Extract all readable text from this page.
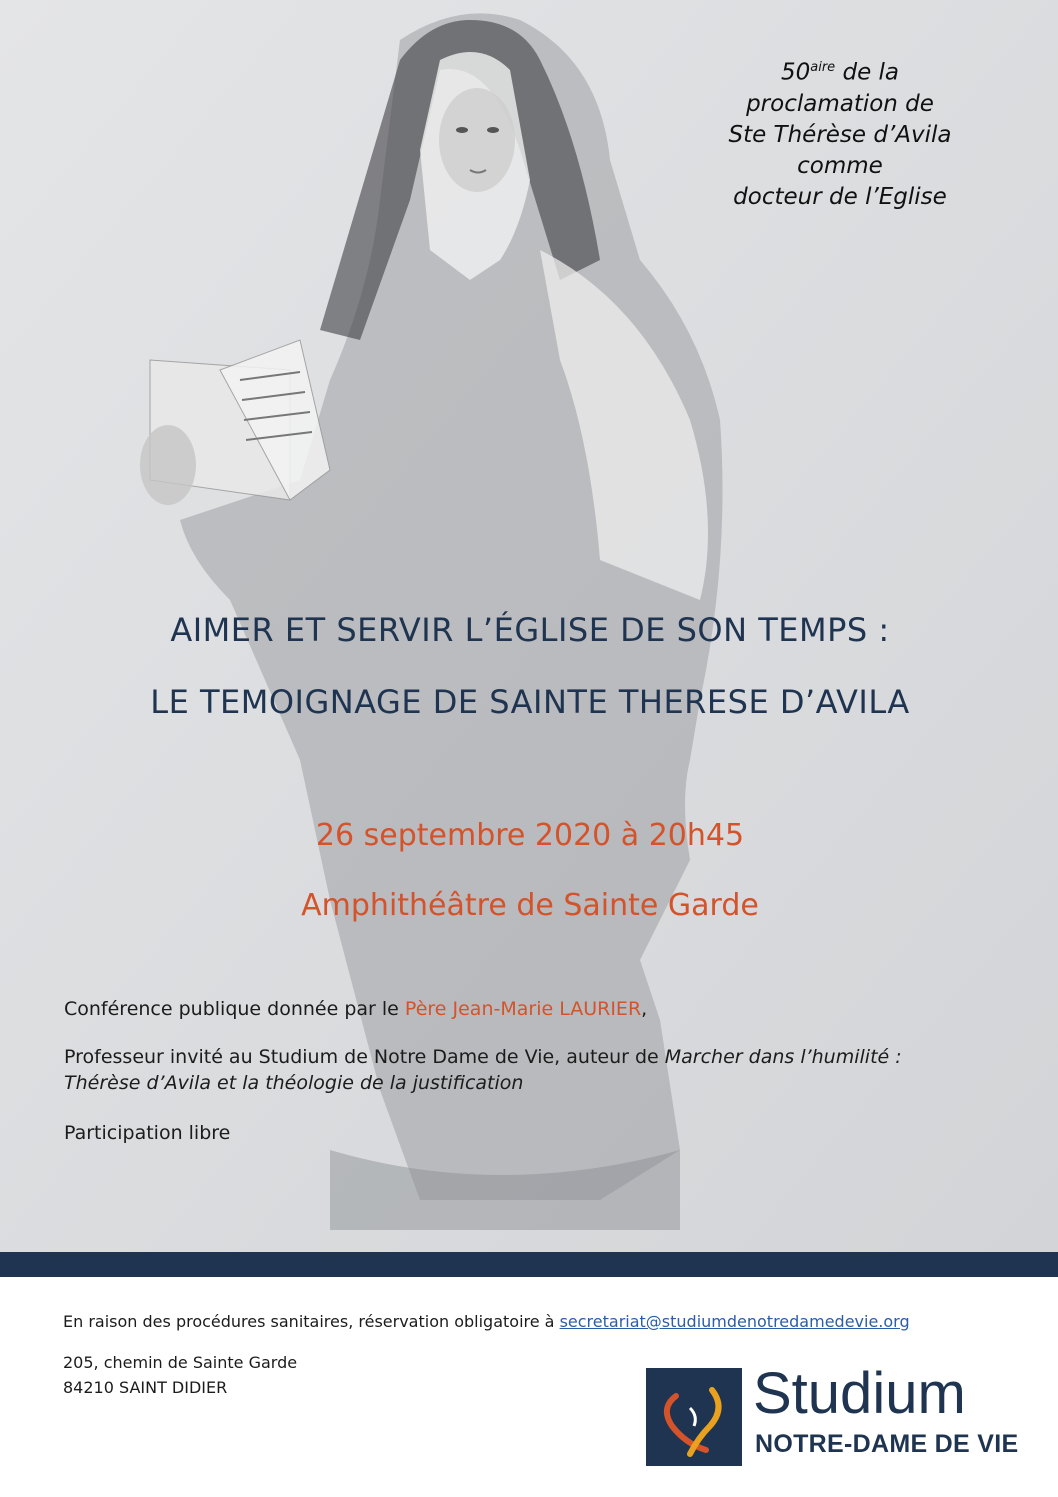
$50^{aire}$ de la
proclamation de
Ste Thérèse d’Avila
comme
docteur de l’Eglise
AIMER ET SERVIR L’ÉGLISE DE SON TEMPS :
LE TEMOIGNAGE DE SAINTE THERESE D’AVILA
26 septembre 2020 à 20h45
Amphithéâtre de Sainte Garde
Conférence publique donnée par le Père Jean-Marie LAURIER,
Professeur invité au Studium de Notre Dame de Vie, auteur de Marcher dans l’humilité : Thérèse d’Avila et la théologie de la justification
Participation libre
En raison des procédures sanitaires, réservation obligatoire à secretariat@studiumdenotredamedevie.org
205, chemin de Sainte Garde
84210 SAINT DIDIER	Studium
NOTRE-DAME DE VIE
